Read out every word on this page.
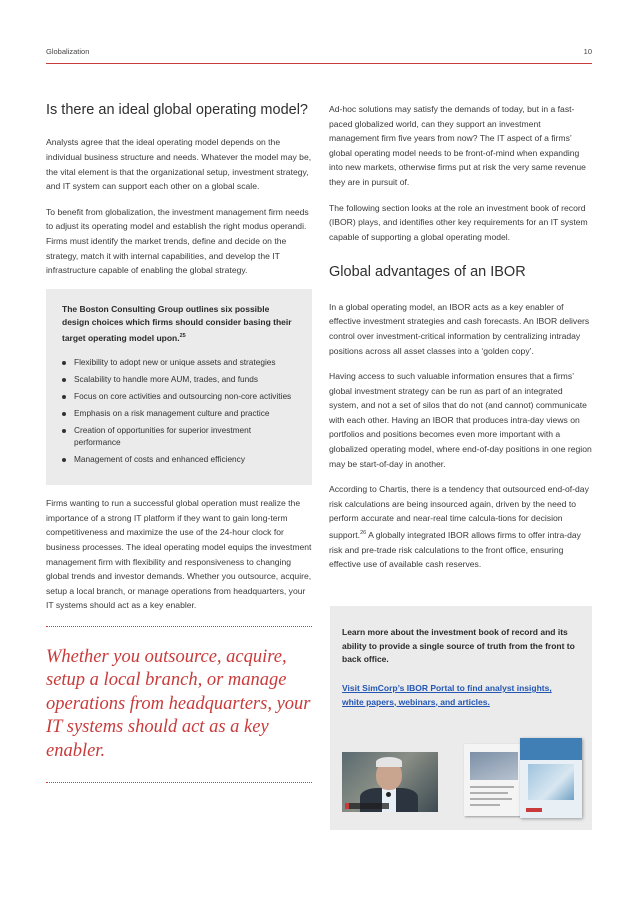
Globalization	10
Is there an ideal global operating model?

Analysts agree that the ideal operating model depends on the individual business structure and needs. Whatever the model may be, the vital element is that the organizational setup, investment strategy, and IT system can support each other on a global scale.

To benefit from globalization, the investment management firm needs to adjust its operating model and establish the right modus operandi. Firms must identify the market trends, define and decide on the strategy, match it with internal capabilities, and develop the IT infrastructure capable of enabling the global strategy.

The Boston Consulting Group outlines six possible design choices which firms should consider basing their target operating model upon.$^{25}$
Flexibility to adopt new or unique assets and strategies
Scalability to handle more AUM, trades, and funds
Focus on core activities and outsourcing non-core activities
Emphasis on a risk management culture and practice
Creation of opportunities for superior investment performance
Management of costs and enhanced efficiency

Firms wanting to run a successful global operation must realize the importance of a strong IT platform if they want to gain long-term competitiveness and maximize the use of the 24-hour clock for business processes. The ideal operating model equips the investment management firm with flexibility and responsiveness to changing global trends and investor demands. Whether you outsource, acquire, setup a local branch, or manage operations from headquarters, your IT systems should act as a key enabler.

Whether you outsource, acquire, setup a local branch, or manage operations from headquarters, your IT systems should act as a key enabler.

Ad-hoc solutions may satisfy the demands of today, but in a fast-paced globalized world, can they support an investment management firm five years from now? The IT aspect of a firms’ global operating model needs to be front-of-mind when expanding into new markets, otherwise firms put at risk the very same revenue they are in pursuit of.

The following section looks at the role an investment book of record (IBOR) plays, and identifies other key requirements for an IT system capable of supporting a global operating model.

Global advantages of an IBOR

In a global operating model, an IBOR acts as a key enabler of effective investment strategies and cash forecasts. An IBOR delivers control over investment-critical information by centralizing intraday positions across all asset classes into a ‘golden copy’.

Having access to such valuable information ensures that a firms’ global investment strategy can be run as part of an integrated system, and not a set of silos that do not (and cannot) communicate with each other. Having an IBOR that produces intra-day views on portfolios and positions becomes even more important with a globalized operating model, where end-of-day positions in one region may be start-of-day in another.

According to Chartis, there is a tendency that outsourced end-of-day risk calculations are being insourced again, driven by the need to perform accurate and near-real time calcula-tions for decision support.$^{26}$ A globally integrated IBOR allows firms to offer intra-day risk and pre-trade risk calculations to the front office, ensuring effective use of available cash reserves.

Learn more about the investment book of record and its ability to provide a single source of truth from the front to back office.
Visit SimCorp’s IBOR Portal to find analyst insights, white papers, webinars, and articles.
